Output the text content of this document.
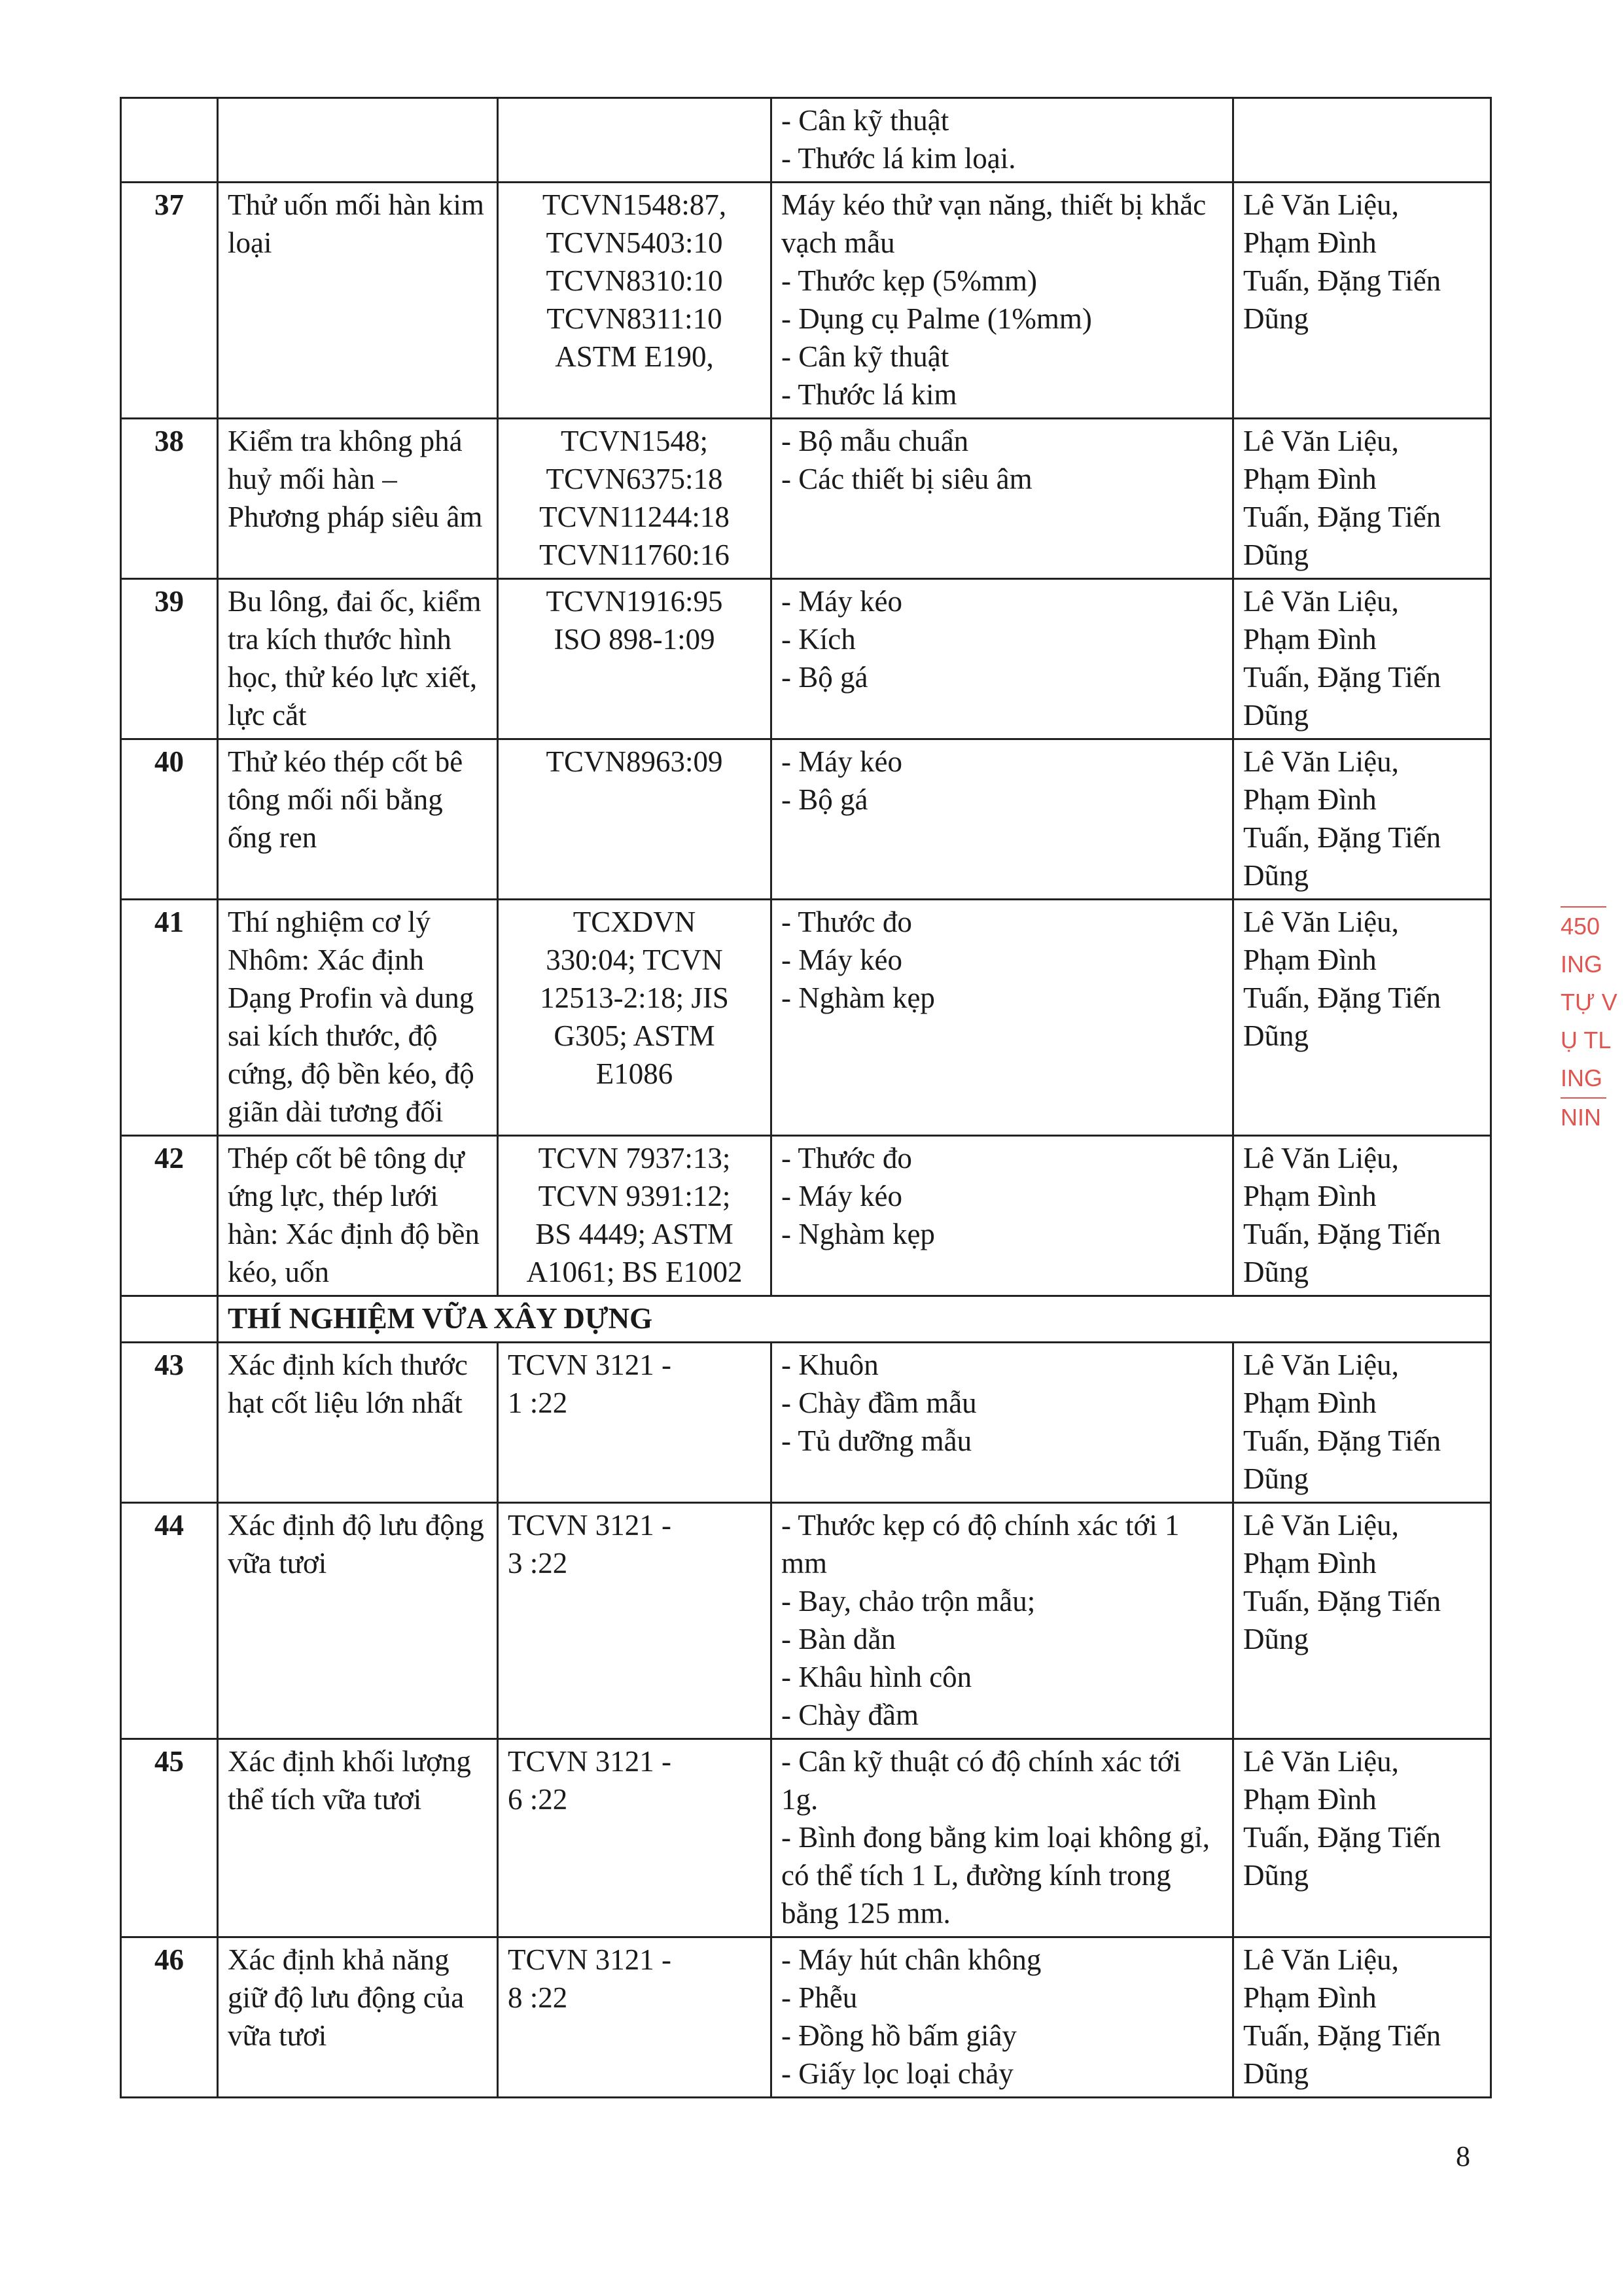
			- Cân kỹ thuật
- Thước lá kim loại.	

37	Thử uốn mối hàn kim loại	TCVN1548:87,
TCVN5403:10
TCVN8310:10
TCVN8311:10
ASTM E190,	Máy kéo thử vạn năng, thiết bị khắc vạch mẫu
- Thước kẹp (5%mm)
- Dụng cụ Palme (1%mm)
- Cân kỹ thuật
- Thước lá kim	Lê Văn Liệu,
Phạm Đình
Tuấn, Đặng Tiến
Dũng

38	Kiểm tra không phá huỷ mối hàn – Phương pháp siêu âm	TCVN1548;
TCVN6375:18
TCVN11244:18
TCVN11760:16	- Bộ mẫu chuẩn
- Các thiết bị siêu âm	Lê Văn Liệu,
Phạm Đình
Tuấn, Đặng Tiến
Dũng

39	Bu lông, đai ốc, kiểm tra kích thước hình học, thử kéo lực xiết, lực cắt	TCVN1916:95
ISO 898-1:09	- Máy kéo
- Kích
- Bộ gá	Lê Văn Liệu,
Phạm Đình
Tuấn, Đặng Tiến
Dũng

40	Thử kéo thép cốt bê tông mối nối bằng ống ren	TCVN8963:09	- Máy kéo
- Bộ gá	Lê Văn Liệu,
Phạm Đình
Tuấn, Đặng Tiến
Dũng

41	Thí nghiệm cơ lý Nhôm: Xác định Dạng Profin và dung sai kích thước, độ cứng, độ bền kéo, độ giãn dài tương đối	TCXDVN
330:04; TCVN
12513-2:18; JIS
G305; ASTM
E1086	- Thước đo
- Máy kéo
- Nghàm kẹp	Lê Văn Liệu,
Phạm Đình
Tuấn, Đặng Tiến
Dũng

42	Thép cốt bê tông dự ứng lực, thép lưới hàn: Xác định độ bền kéo, uốn	TCVN 7937:13;
TCVN 9391:12;
BS 4449; ASTM
A1061; BS E1002	- Thước đo
- Máy kéo
- Nghàm kẹp	Lê Văn Liệu,
Phạm Đình
Tuấn, Đặng Tiến
Dũng

	THÍ NGHIỆM VỮA XÂY DỰNG			
43	Xác định kích thước hạt cốt liệu lớn nhất	TCVN 3121 -
1 :22	- Khuôn
- Chày đầm mẫu
- Tủ dưỡng mẫu	Lê Văn Liệu,
Phạm Đình
Tuấn, Đặng Tiến
Dũng

44	Xác định độ lưu động vữa tươi	TCVN 3121 -
3 :22	- Thước kẹp có độ chính xác tới 1 mm
- Bay, chảo trộn mẫu;
- Bàn dằn
- Khâu hình côn
- Chày đầm	Lê Văn Liệu,
Phạm Đình
Tuấn, Đặng Tiến
Dũng

45	Xác định khối lượng thể tích vữa tươi	TCVN 3121 -
6 :22	- Cân kỹ thuật có độ chính xác tới 1g.
- Bình đong bằng kim loại không gỉ, có thể tích 1 L, đường kính trong bằng 125 mm.	Lê Văn Liệu,
Phạm Đình
Tuấn, Đặng Tiến
Dũng

46	Xác định khả năng giữ độ lưu động của vữa tươi	TCVN 3121 -
8 :22	- Máy hút chân không
- Phễu
- Đồng hồ bấm giây
- Giấy lọc loại chảy	Lê Văn Liệu,
Phạm Đình
Tuấn, Đặng Tiến
Dũng
450
ING
TỰ V
Ụ TL
ING
NIN
8
